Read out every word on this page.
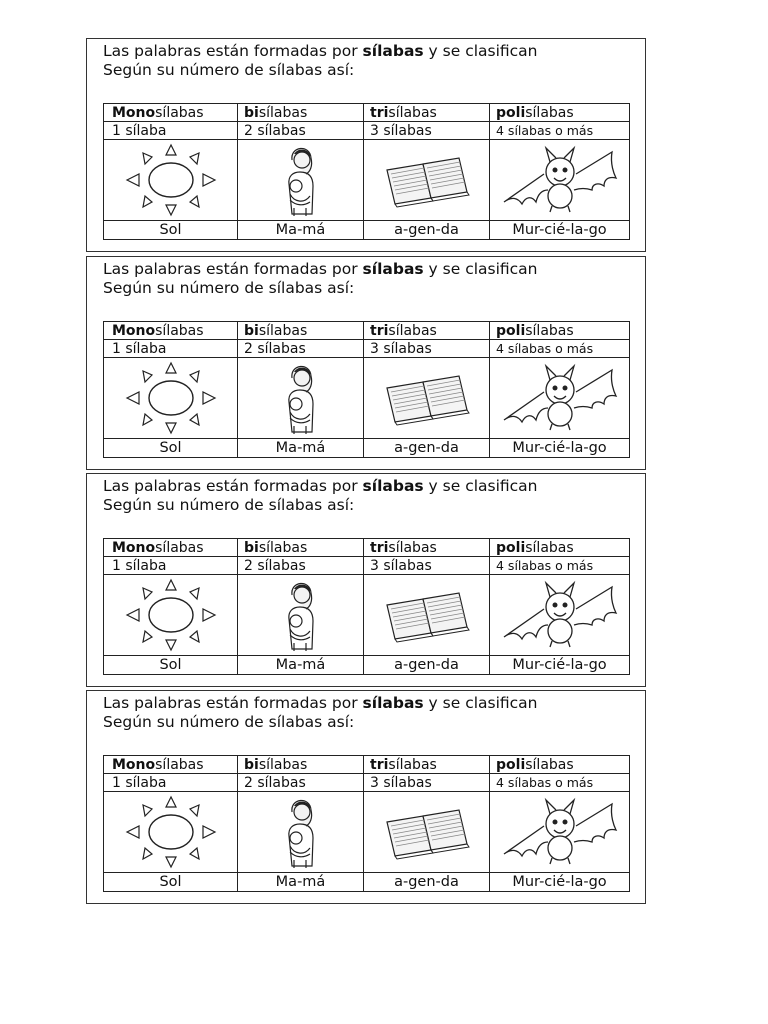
Las palabras están formadas por sílabas y se clasifican
Según su número de sílabas así:

Monosílabas	bisílabas	trisílabas	polisílabas
1 sílaba	2 sílabas	3 sílabas	4 sílabas o más

Sol	Ma-má	a-gen-da	Mur-cié-la-go

Las palabras están formadas por sílabas y se clasifican
Según su número de sílabas así:

Monosílabas	bisílabas	trisílabas	polisílabas
1 sílaba	2 sílabas	3 sílabas	4 sílabas o más

Sol	Ma-má	a-gen-da	Mur-cié-la-go

Las palabras están formadas por sílabas y se clasifican
Según su número de sílabas así:

Monosílabas	bisílabas	trisílabas	polisílabas
1 sílaba	2 sílabas	3 sílabas	4 sílabas o más

Sol	Ma-má	a-gen-da	Mur-cié-la-go

Las palabras están formadas por sílabas y se clasifican
Según su número de sílabas así:

Monosílabas	bisílabas	trisílabas	polisílabas
1 sílaba	2 sílabas	3 sílabas	4 sílabas o más

Sol	Ma-má	a-gen-da	Mur-cié-la-go
